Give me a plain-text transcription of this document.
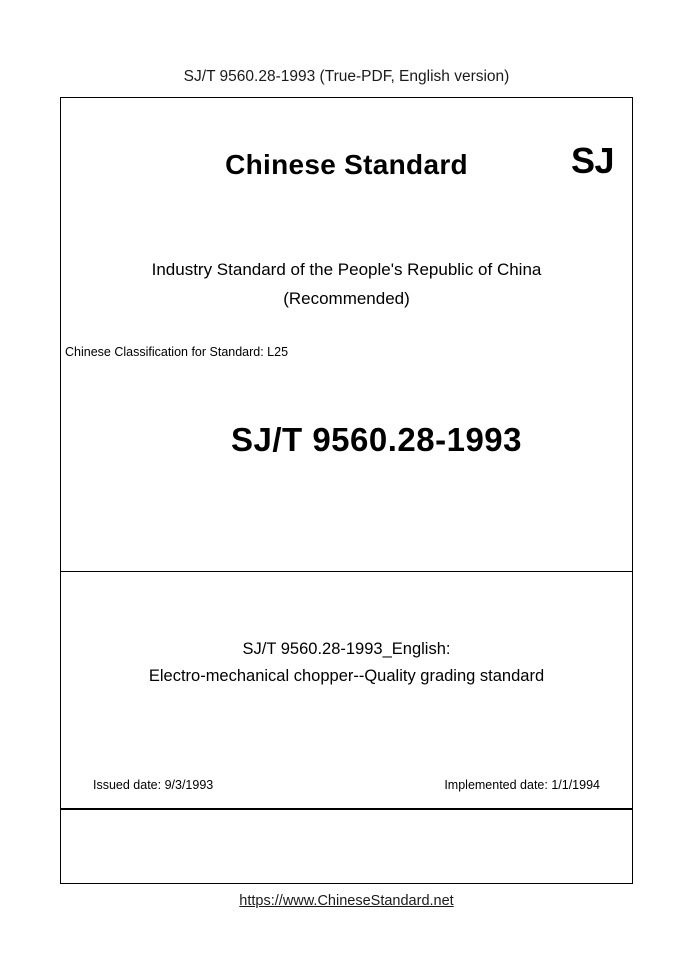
SJ/T 9560.28-1993 (True-PDF, English version)
Chinese Standard	SJ
Industry Standard of the People's Republic of China
(Recommended)
Chinese Classification for Standard: L25
SJ/T 9560.28-1993
SJ/T 9560.28-1993_English:
Electro-mechanical chopper--Quality grading standard
Issued date: 9/3/1993	Implemented date: 1/1/1994
https://www.ChineseStandard.net
